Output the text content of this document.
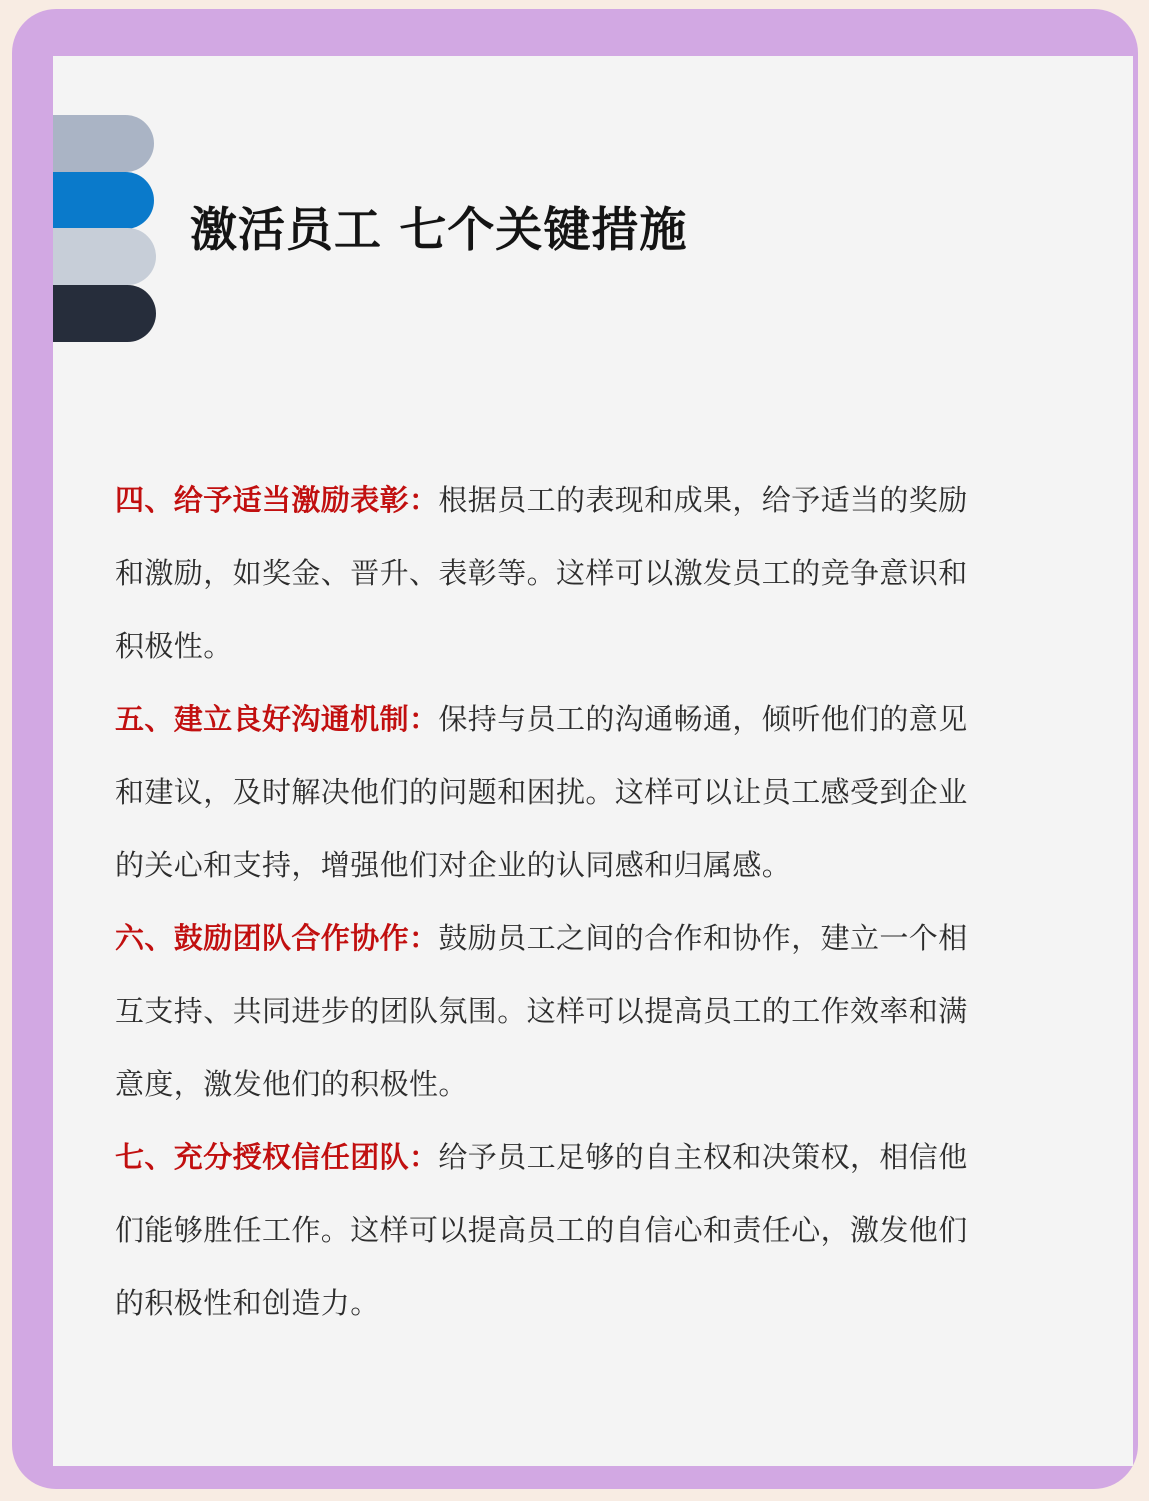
激活员工 七个关键措施

四、给予适当激励表彰：根据员工的表现和成果，给予适当的奖励和激励，如奖金、晋升、表彰等。这样可以激发员工的竞争意识和积极性。

五、建立良好沟通机制：保持与员工的沟通畅通，倾听他们的意见和建议，及时解决他们的问题和困扰。这样可以让员工感受到企业的关心和支持，增强他们对企业的认同感和归属感。

六、鼓励团队合作协作：鼓励员工之间的合作和协作，建立一个相互支持、共同进步的团队氛围。这样可以提高员工的工作效率和满意度，激发他们的积极性。

七、充分授权信任团队：给予员工足够的自主权和决策权，相信他们能够胜任工作。这样可以提高员工的自信心和责任心，激发他们的积极性和创造力。
